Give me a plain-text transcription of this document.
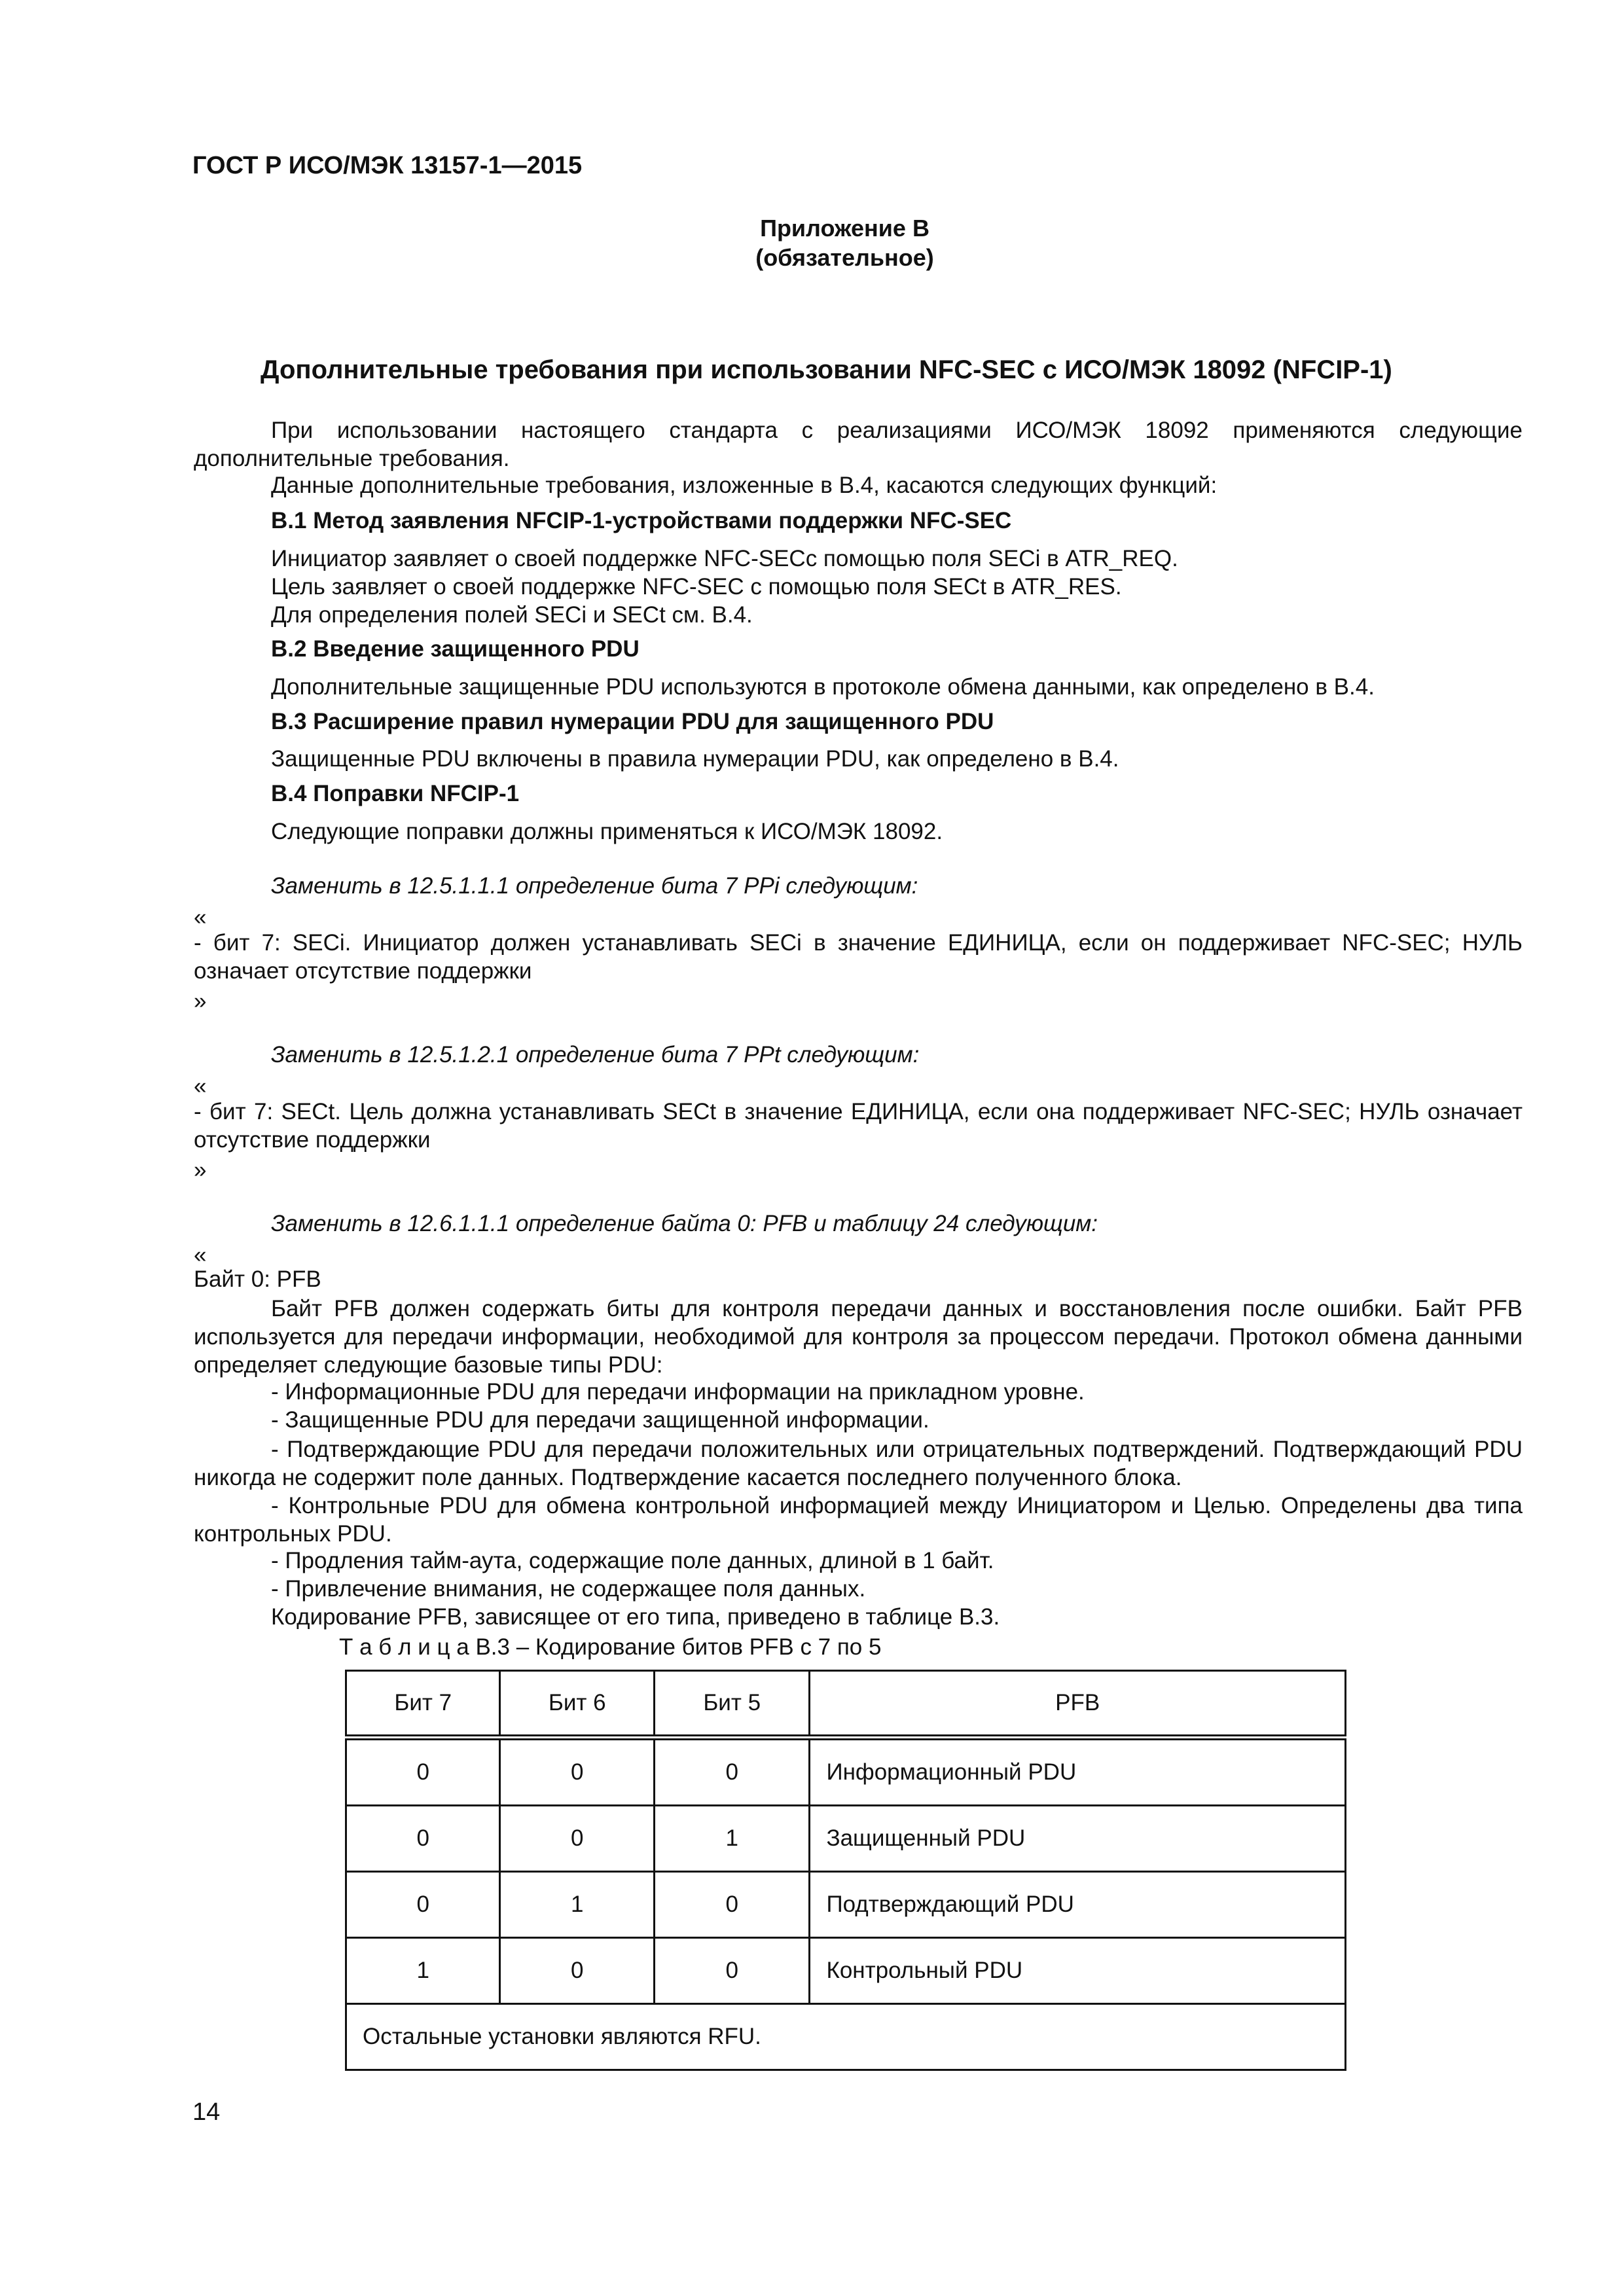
ГОСТ Р ИСО/МЭК 13157-1—2015
Приложение В
(обязательное)
Дополнительные требования при использовании NFC-SEC с ИСО/МЭК 18092 (NFCIP-1)
При использовании настоящего стандарта с реализациями ИСО/МЭК 18092 применяются следующие дополнительные требования.
Данные дополнительные требования, изложенные в В.4, касаются следующих функций:
В.1 Метод заявления NFCIP-1-устройствами поддержки NFC-SEC
Инициатор заявляет о своей поддержке NFC-SECс помощью поля SECi в ATR_REQ.
Цель заявляет о своей поддержке NFC-SEC с помощью поля SECt в ATR_RES.
Для определения полей SECi и SECt см. В.4.
В.2 Введение защищенного PDU
Дополнительные защищенные PDU используются в протоколе обмена данными, как определено в В.4.
В.3 Расширение правил нумерации PDU для защищенного PDU
Защищенные PDU включены в правила нумерации PDU, как определено в В.4.
В.4 Поправки NFCIP-1
Следующие поправки должны применяться к ИСО/МЭК 18092.
Заменить в 12.5.1.1.1 определение бита 7 PPi следующим:
«
- бит 7: SECi. Инициатор должен устанавливать SECi в значение ЕДИНИЦА, если он поддерживает NFC-SEC; НУЛЬ означает отсутствие поддержки
»
Заменить в 12.5.1.2.1 определение бита 7 PPt следующим:
«
- бит 7: SECt. Цель должна устанавливать SECt в значение ЕДИНИЦА, если она поддерживает NFC-SEC; НУЛЬ означает отсутствие поддержки
»
Заменить в 12.6.1.1.1 определение байта 0: PFB и таблицу 24 следующим:
«
Байт 0: PFB
Байт PFB должен содержать биты для контроля передачи данных и восстановления после ошибки. Байт PFB используется для передачи информации, необходимой для контроля за процессом передачи. Протокол обмена данными определяет следующие базовые типы PDU:
- Информационные PDU для передачи информации на прикладном уровне.
- Защищенные PDU для передачи защищенной информации.
- Подтверждающие PDU для передачи положительных или отрицательных подтверждений. Подтверждающий PDU никогда не содержит поле данных. Подтверждение касается последнего полученного блока.
- Контрольные PDU для обмена контрольной информацией между Инициатором и Целью. Определены два типа контрольных PDU.
- Продления тайм-аута, содержащие поле данных, длиной в 1 байт.
- Привлечение внимания, не содержащее поля данных.
Кодирование PFB, зависящее от его типа, приведено в таблице В.3.
Т а б л и ц а В.3 – Кодирование битов PFB с 7 по 5
Бит 7	Бит 6	Бит 5	PFB
0	0	0	Информационный PDU
0	0	1	Защищенный PDU
0	1	0	Подтверждающий PDU
1	0	0	Контрольный PDU
Остальные установки являются RFU.			
14
